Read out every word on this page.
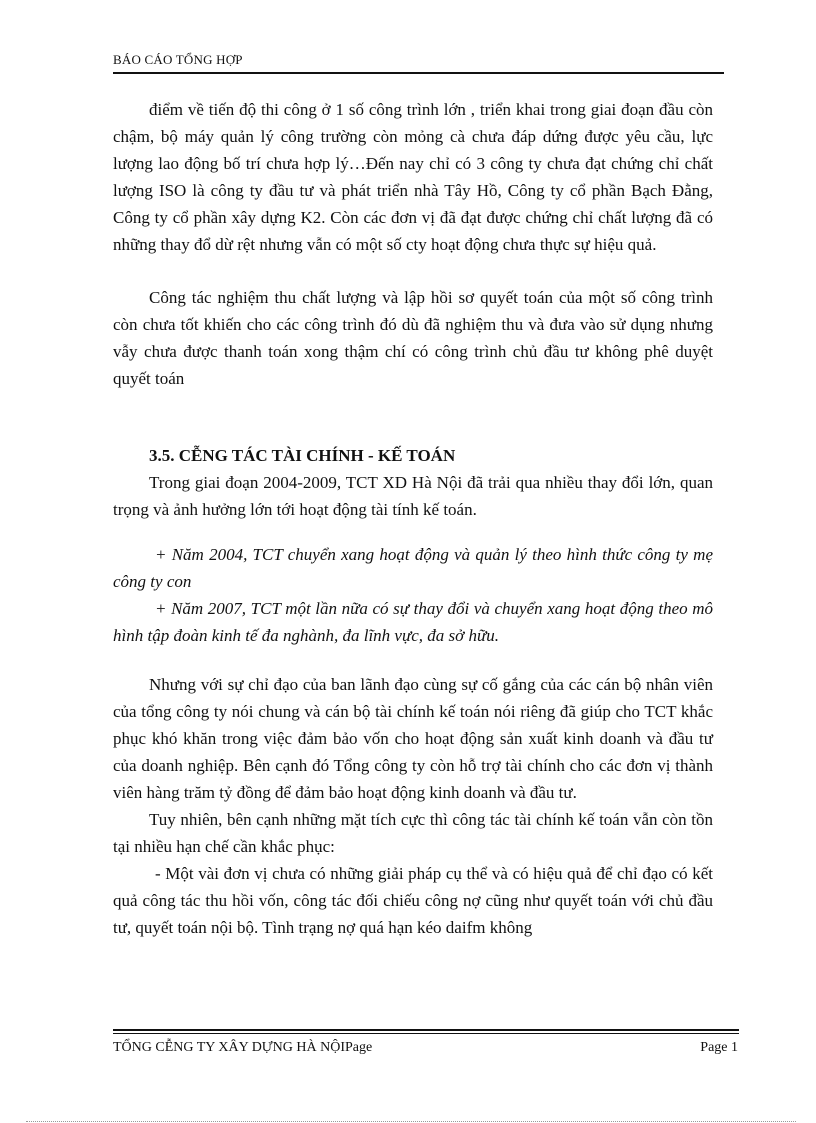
BÁO CÁO TỔNG HỢP

điểm về tiến độ thi công ở 1 số công trình lớn , triển khai trong giai đoạn đầu còn chậm, bộ máy quản lý công trường còn mỏng cà chưa đáp dứng được yêu cầu, lực lượng lao động bố trí chưa hợp lý…Đến nay chỉ có 3 công ty chưa đạt chứng chỉ chất lượng ISO là công ty đầu tư và phát triển nhà Tây Hồ, Công ty cổ phần Bạch Đằng, Công ty cổ phần xây dựng K2. Còn các đơn vị đã đạt được chứng chỉ chất lượng đã có những thay đổ dừ rệt nhưng vẫn có một số cty hoạt động chưa thực sự hiệu quả.

Công tác nghiệm thu chất lượng và lập hồi sơ quyết toán của một số công trình còn chưa tốt khiến cho các công trình đó dù đã nghiệm thu và đưa vào sử dụng nhưng vẫy chưa được thanh toán xong thậm chí có công trình chủ đầu tư không phê duyệt quyết toán

3.5. CỄNG TÁC TÀI CHÍNH - KẾ TOÁN

Trong giai đoạn 2004-2009, TCT XD Hà Nội đã trải qua nhiều thay đổi lớn, quan trọng và ảnh hưởng lớn tới hoạt động tài tính kế toán.

+ Năm 2004, TCT chuyển xang hoạt động và quản lý theo hình thức công ty mẹ công ty con

+ Năm 2007, TCT một lần nữa có sự thay đổi và chuyển xang hoạt động theo mô hình tập đoàn kinh tế đa nghành, đa lĩnh vực, đa sở hữu.

Nhưng với sự chỉ đạo của ban lãnh đạo cùng sự cố gắng của các cán bộ nhân viên của tổng công ty nói chung và cán bộ tài chính kế toán nói riêng đã giúp cho TCT khắc phục khó khăn trong việc đảm bảo vốn cho hoạt động sản xuất kinh doanh và đầu tư của doanh nghiệp. Bên cạnh đó Tổng công ty còn hỗ trợ tài chính cho các đơn vị thành viên hàng trăm tỷ đồng để đảm bảo hoạt động kinh doanh và đầu tư.

Tuy nhiên, bên cạnh những mặt tích cực thì công tác tài chính kế toán vẫn còn tồn tại nhiều hạn chế cần khắc phục:

- Một vài đơn vị chưa có những giải pháp cụ thể và có hiệu quả để chỉ đạo có kết quả công tác thu hồi vốn, công tác đối chiếu công nợ cũng như quyết toán với chủ đầu tư, quyết toán nội bộ. Tình trạng nợ quá hạn kéo daifm không

TỔNG CỄNG TY XÂY DỰNG HÀ NỘIPage	Page 1
